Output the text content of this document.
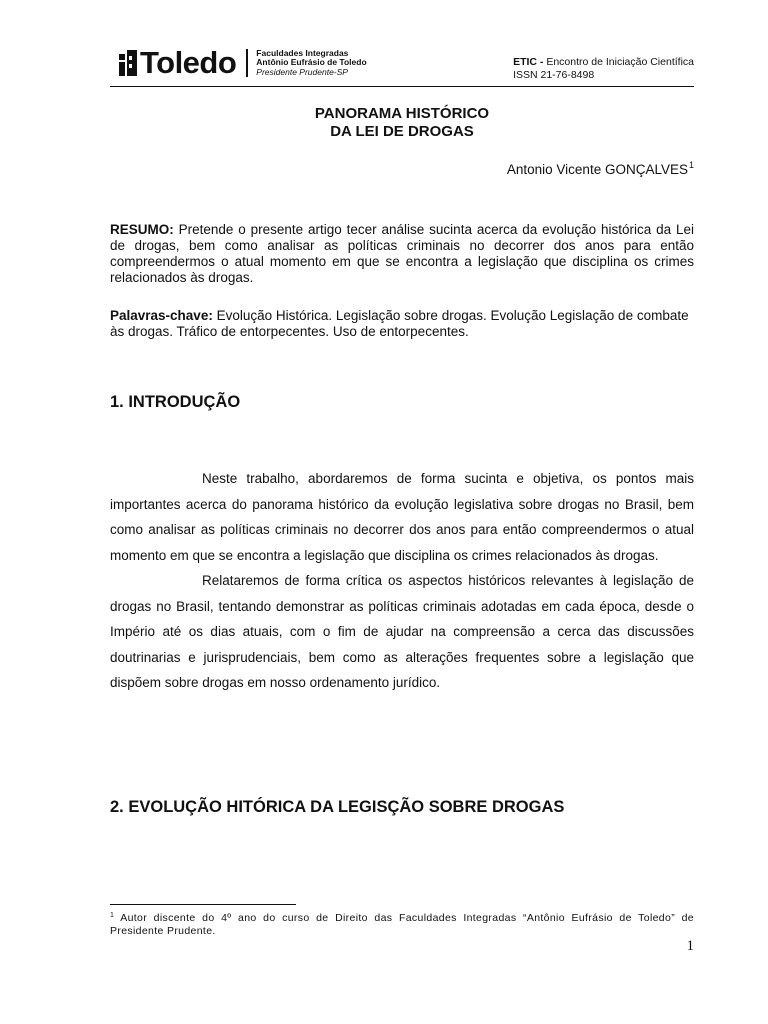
Toledo Faculdades Integradas
Antônio Eufrásio de Toledo
Presidente Prudente-SP
ETIC - Encontro de Iniciação Científica
ISSN 21-76-8498
PANORAMA HISTÓRICO
DA LEI DE DROGAS
Antonio Vicente GONÇALVES$^1$
RESUMO: Pretende o presente artigo tecer análise sucinta acerca da evolução histórica da Lei de drogas, bem como analisar as políticas criminais no decorrer dos anos para então compreendermos o atual momento em que se encontra a legislação que disciplina os crimes relacionados às drogas.
Palavras-chave: Evolução Histórica. Legislação sobre drogas. Evolução Legislação de combate às drogas. Tráfico de entorpecentes. Uso de entorpecentes.
1. INTRODUÇÃO

Neste trabalho, abordaremos de forma sucinta e objetiva, os pontos mais importantes acerca do panorama histórico da evolução legislativa sobre drogas no Brasil, bem como analisar as políticas criminais no decorrer dos anos para então compreendermos o atual momento em que se encontra a legislação que disciplina os crimes relacionados às drogas.

Relataremos de forma crítica os aspectos históricos relevantes à legislação de drogas no Brasil, tentando demonstrar as políticas criminais adotadas em cada época, desde o Império até os dias atuais, com o fim de ajudar na compreensão a cerca das discussões doutrinarias e jurisprudenciais, bem como as alterações frequentes sobre a legislação que dispõem sobre drogas em nosso ordenamento jurídico.

2. EVOLUÇÃO HITÓRICA DA LEGISÇÃO SOBRE DROGAS
$^1$ Autor discente do 4º ano do curso de Direito das Faculdades Integradas “Antônio Eufrásio de Toledo” de Presidente Prudente.
1
